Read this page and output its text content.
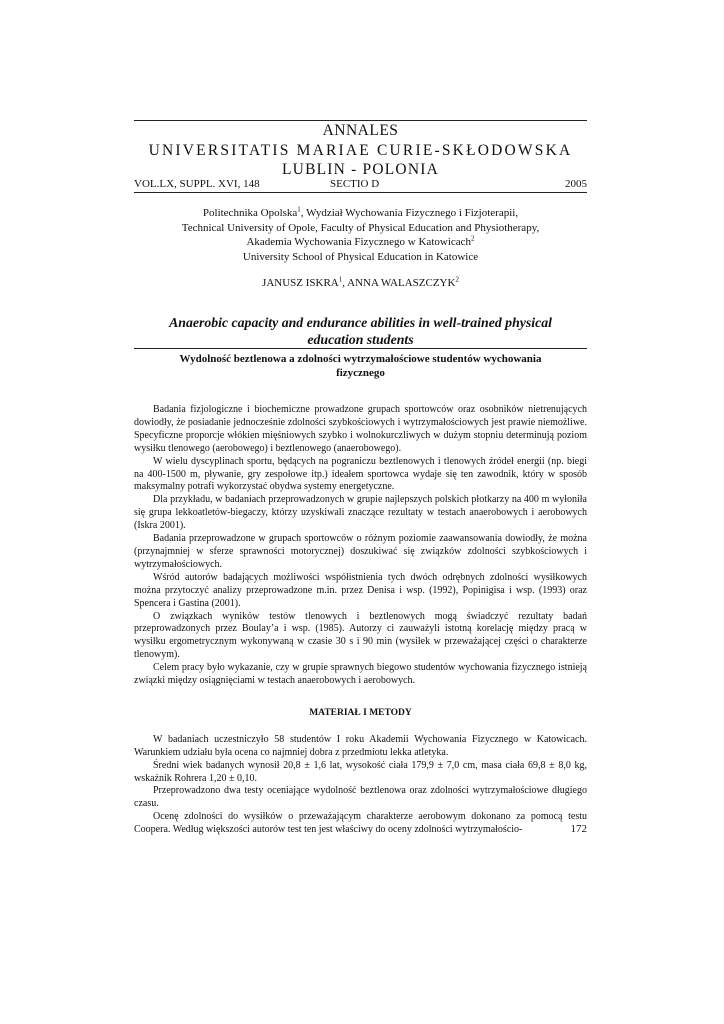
ANNALES
UNIVERSITATIS MARIAE CURIE-SKŁODOWSKA
LUBLIN - POLONIA
VOL.LX, SUPPL. XVI, 148	SECTIO D	2005
Politechnika Opolska$^1$, Wydział Wychowania Fizycznego i Fizjoterapii,
Technical University of Opole, Faculty of Physical Education and Physiotherapy,
Akademia Wychowania Fizycznego w Katowicach$^2$
University School of Physical Education in Katowice
JANUSZ ISKRA$^1$, ANNA WALASZCZYK$^2$
Anaerobic capacity and endurance abilities in well-trained physical
education students
Wydolność beztlenowa a zdolności wytrzymałościowe studentów wychowania
fizycznego

Badania fizjologiczne i biochemiczne prowadzone grupach sportowców oraz osobników nietrenujących dowiodły, że posiadanie jednocześnie zdolności szybkościowych i wytrzymałościowych jest prawie niemożliwe. Specyficzne proporcje włókien mięśniowych szybko i wolnokurczliwych w dużym stopniu determinują poziom wysiłku tlenowego (aerobowego) i beztlenowego (anaerobowego).

W wielu dyscyplinach sportu, będących na pograniczu beztlenowych i tlenowych źródeł energii (np. biegi na 400-1500 m, pływanie, gry zespołowe itp.) ideałem sportowca wydaje się ten zawodnik, który w sposób maksymalny potrafi wykorzystać obydwa systemy energetyczne.

Dla przykładu, w badaniach przeprowadzonych w grupie najlepszych polskich płotkarzy na 400 m wyłoniła się grupa lekkoatletów-biegaczy, którzy uzyskiwali znaczące rezultaty w testach anaerobowych i aerobowych (Iskra 2001).

Badania przeprowadzone w grupach sportowców o różnym poziomie zaawansowania dowiodły, że można (przynajmniej w sferze sprawności motorycznej) doszukiwać się związków zdolności szybkościowych i wytrzymałościowych.

Wśród autorów badających możliwości współistnienia tych dwóch odrębnych zdolności wysiłkowych można przytoczyć analizy przeprowadzone m.in. przez Denisa i wsp. (1992), Popinigisa i wsp. (1993) oraz Spencera i Gastina (2001).

O związkach wyników testów tlenowych i beztlenowych mogą świadczyć rezultaty badań przeprowadzonych przez Boulay’a i wsp. (1985). Autorzy ci zauważyli istotną korelację między pracą w wysiłku ergometrycznym wykonywaną w czasie 30 s i 90 min (wysiłek w przeważającej części o charakterze tlenowym).

Celem pracy było wykazanie, czy w grupie sprawnych biegowo studentów wychowania fizycznego istnieją związki między osiągnięciami w testach anaerobowych i aerobowych.

MATERIAŁ I METODY

W badaniach uczestniczyło 58 studentów I roku Akademii Wychowania Fizycznego w Katowicach. Warunkiem udziału była ocena co najmniej dobra z przedmiotu lekka atletyka.

Średni wiek badanych wynosił 20,8 ± 1,6 lat, wysokość ciała 179,9 ± 7,0 cm, masa ciała 69,8 ± 8,0 kg, wskaźnik Rohrera 1,20 ± 0,10.

Przeprowadzono dwa testy oceniające wydolność beztlenowa oraz zdolności wytrzymałościowe długiego czasu.

Ocenę zdolności do wysiłków o przeważającym charakterze aerobowym dokonano za pomocą testu Coopera. Według większości autorów test ten jest właściwy do oceny zdolności wytrzymałościo-	172
